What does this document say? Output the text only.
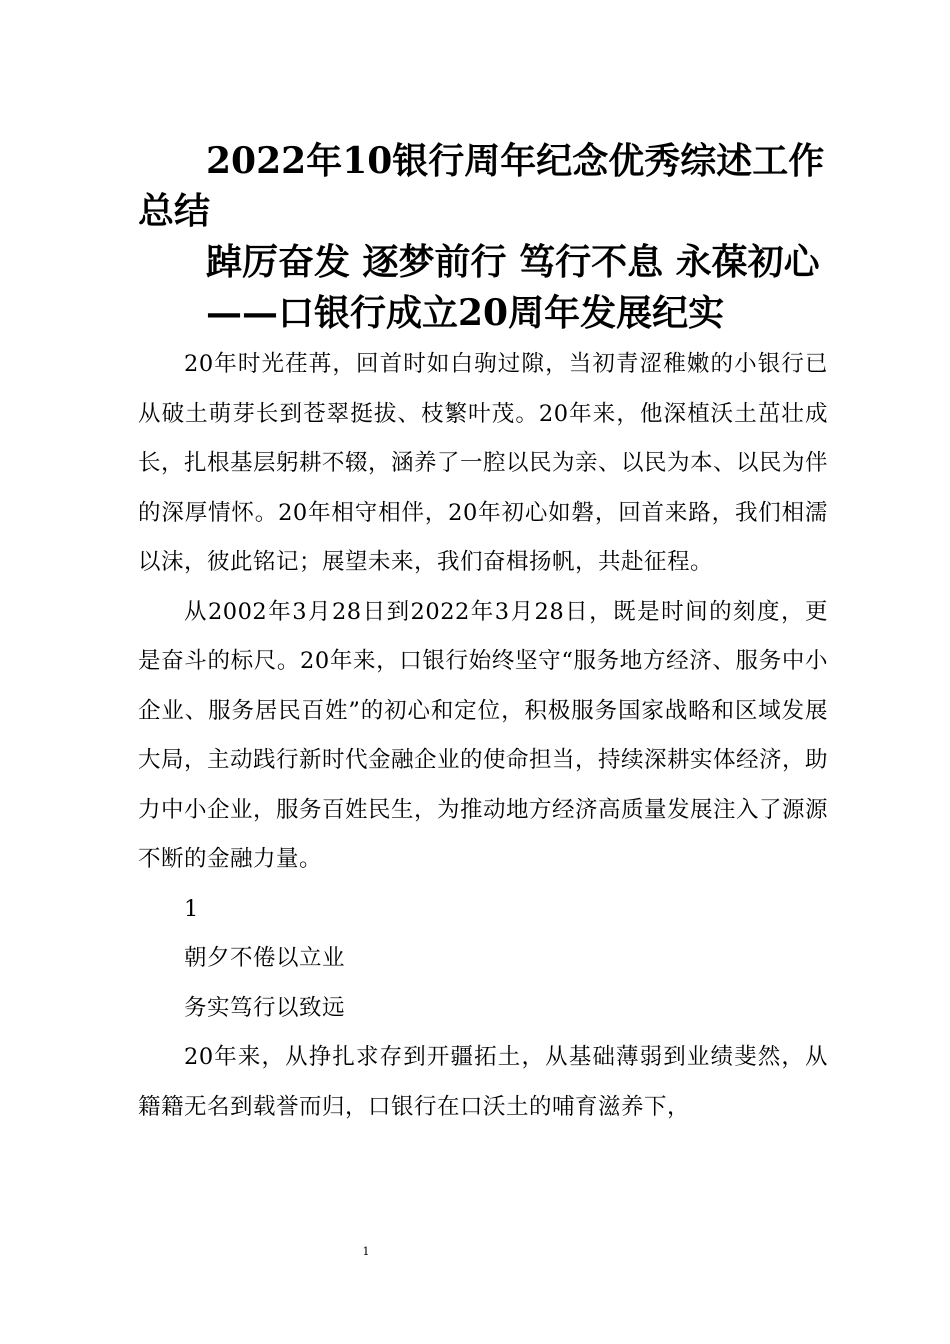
2022年10银行周年纪念优秀综述工作总结
踔厉奋发 逐梦前行 笃行不息 永葆初心
——口银行成立20周年发展纪实

20年时光荏苒，回首时如白驹过隙，当初青涩稚嫩的小银行已从破土萌芽长到苍翠挺拔、枝繁叶茂。20年来，他深植沃土茁壮成长，扎根基层躬耕不辍，涵养了一腔以民为亲、以民为本、以民为伴的深厚情怀。20年相守相伴，20年初心如磐，回首来路，我们相濡以沫，彼此铭记；展望未来，我们奋楫扬帆，共赴征程。

从2002年3月28日到2022年3月28日，既是时间的刻度，更是奋斗的标尺。20年来，口银行始终坚守“服务地方经济、服务中小企业、服务居民百姓”的初心和定位，积极服务国家战略和区域发展大局，主动践行新时代金融企业的使命担当，持续深耕实体经济，助力中小企业，服务百姓民生，为推动地方经济高质量发展注入了源源不断的金融力量。

1

朝夕不倦以立业

务实笃行以致远

20年来，从挣扎求存到开疆拓土，从基础薄弱到业绩斐然，从籍籍无名到载誉而归，口银行在口沃土的哺育滋养下，

1
